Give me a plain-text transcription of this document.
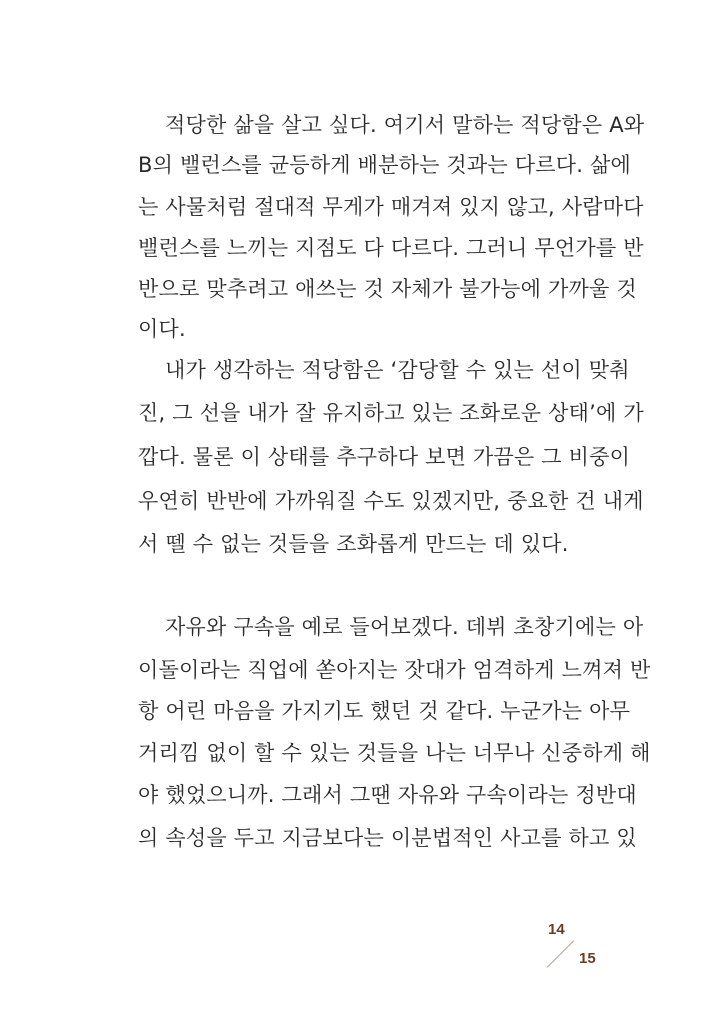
적당한 삶을 살고 싶다. 여기서 말하는 적당함은 A와
B의 밸런스를 균등하게 배분하는 것과는 다르다. 삶에
는 사물처럼 절대적 무게가 매겨져 있지 않고, 사람마다
밸런스를 느끼는 지점도 다 다르다. 그러니 무언가를 반
반으로 맞추려고 애쓰는 것 자체가 불가능에 가까울 것
이다.
내가 생각하는 적당함은 ‘감당할 수 있는 선이 맞춰
진, 그 선을 내가 잘 유지하고 있는 조화로운 상태’에 가
깝다. 물론 이 상태를 추구하다 보면 가끔은 그 비중이
우연히 반반에 가까워질 수도 있겠지만, 중요한 건 내게
서 뗄 수 없는 것들을 조화롭게 만드는 데 있다.
자유와 구속을 예로 들어보겠다. 데뷔 초창기에는 아
이돌이라는 직업에 쏟아지는 잣대가 엄격하게 느껴져 반
항 어린 마음을 가지기도 했던 것 같다. 누군가는 아무
거리낌 없이 할 수 있는 것들을 나는 너무나 신중하게 해
야 했었으니까. 그래서 그땐 자유와 구속이라는 정반대
의 속성을 두고 지금보다는 이분법적인 사고를 하고 있
14
15
